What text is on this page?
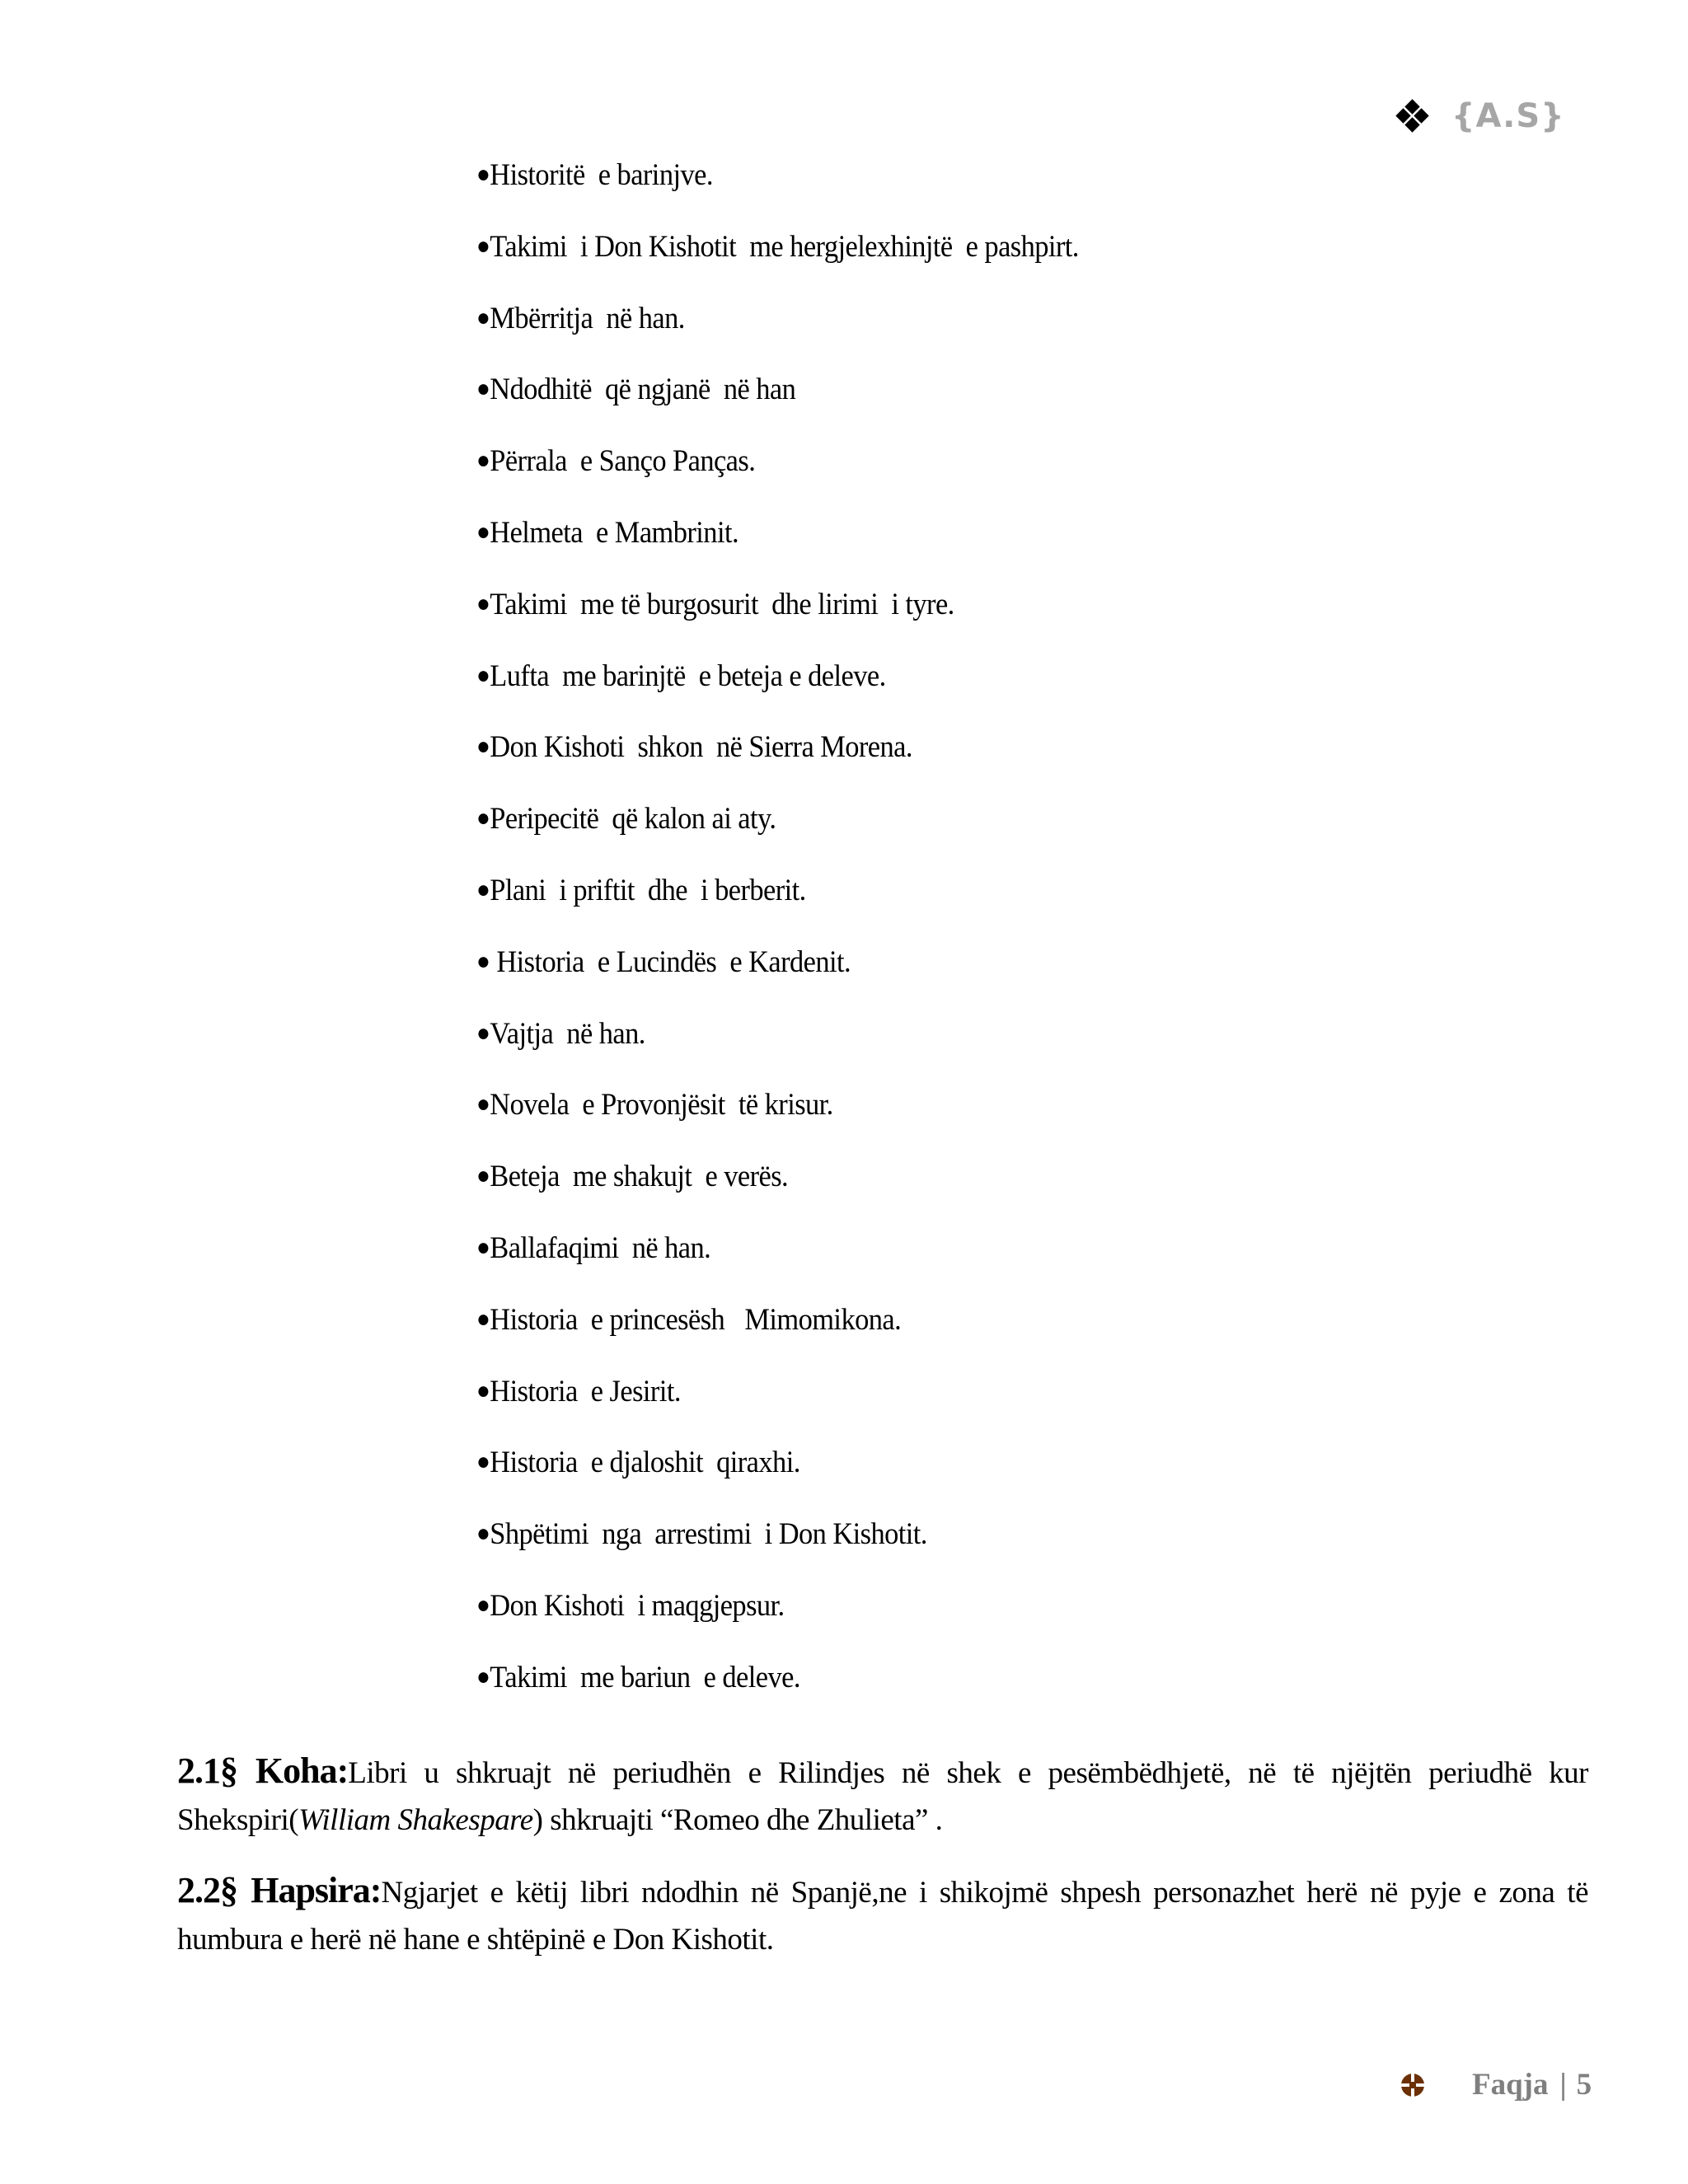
{A.S}
●Historitë  e barinjve.
●Takimi  i Don Kishotit  me hergjelexhinjtë  e pashpirt.
●Mbërritja  në han.
●Ndodhitë  që ngjanë  në han
●Përrala  e Sanço Panças.
●Helmeta  e Mambrinit.
●Takimi  me të burgosurit  dhe lirimi  i tyre.
●Lufta  me barinjtë  e beteja e deleve.
●Don Kishoti  shkon  në Sierra Morena.
●Peripecitë  që kalon ai aty.
●Plani  i priftit  dhe  i berberit.
● Historia  e Lucindës  e Kardenit.
●Vajtja  në han.
●Novela  e Provonjësit  të krisur.
●Beteja  me shakujt  e verës.
●Ballafaqimi  në han.
●Historia  e princesësh   Mimomikona.
●Historia  e Jesirit.
●Historia  e djaloshit  qiraxhi.
●Shpëtimi  nga  arrestimi  i Don Kishotit.
●Don Kishoti  i maqgjepsur.
●Takimi  me bariun  e deleve.

2.1§ Koha:Libri u shkruajt në periudhën e Rilindjes në shek e pesëmbëdhjetë, në të njëjtën periudhë kur Shekspiri(William Shakespare) shkruajti “Romeo dhe Zhulieta” .

2.2§ Hapsira:Ngjarjet e këtij libri ndodhin në Spanjë,ne i shikojmë shpesh personazhet herë në pyje e zona të humbura e herë në hane e shtëpinë e Don Kishotit.

Faqja | 5
